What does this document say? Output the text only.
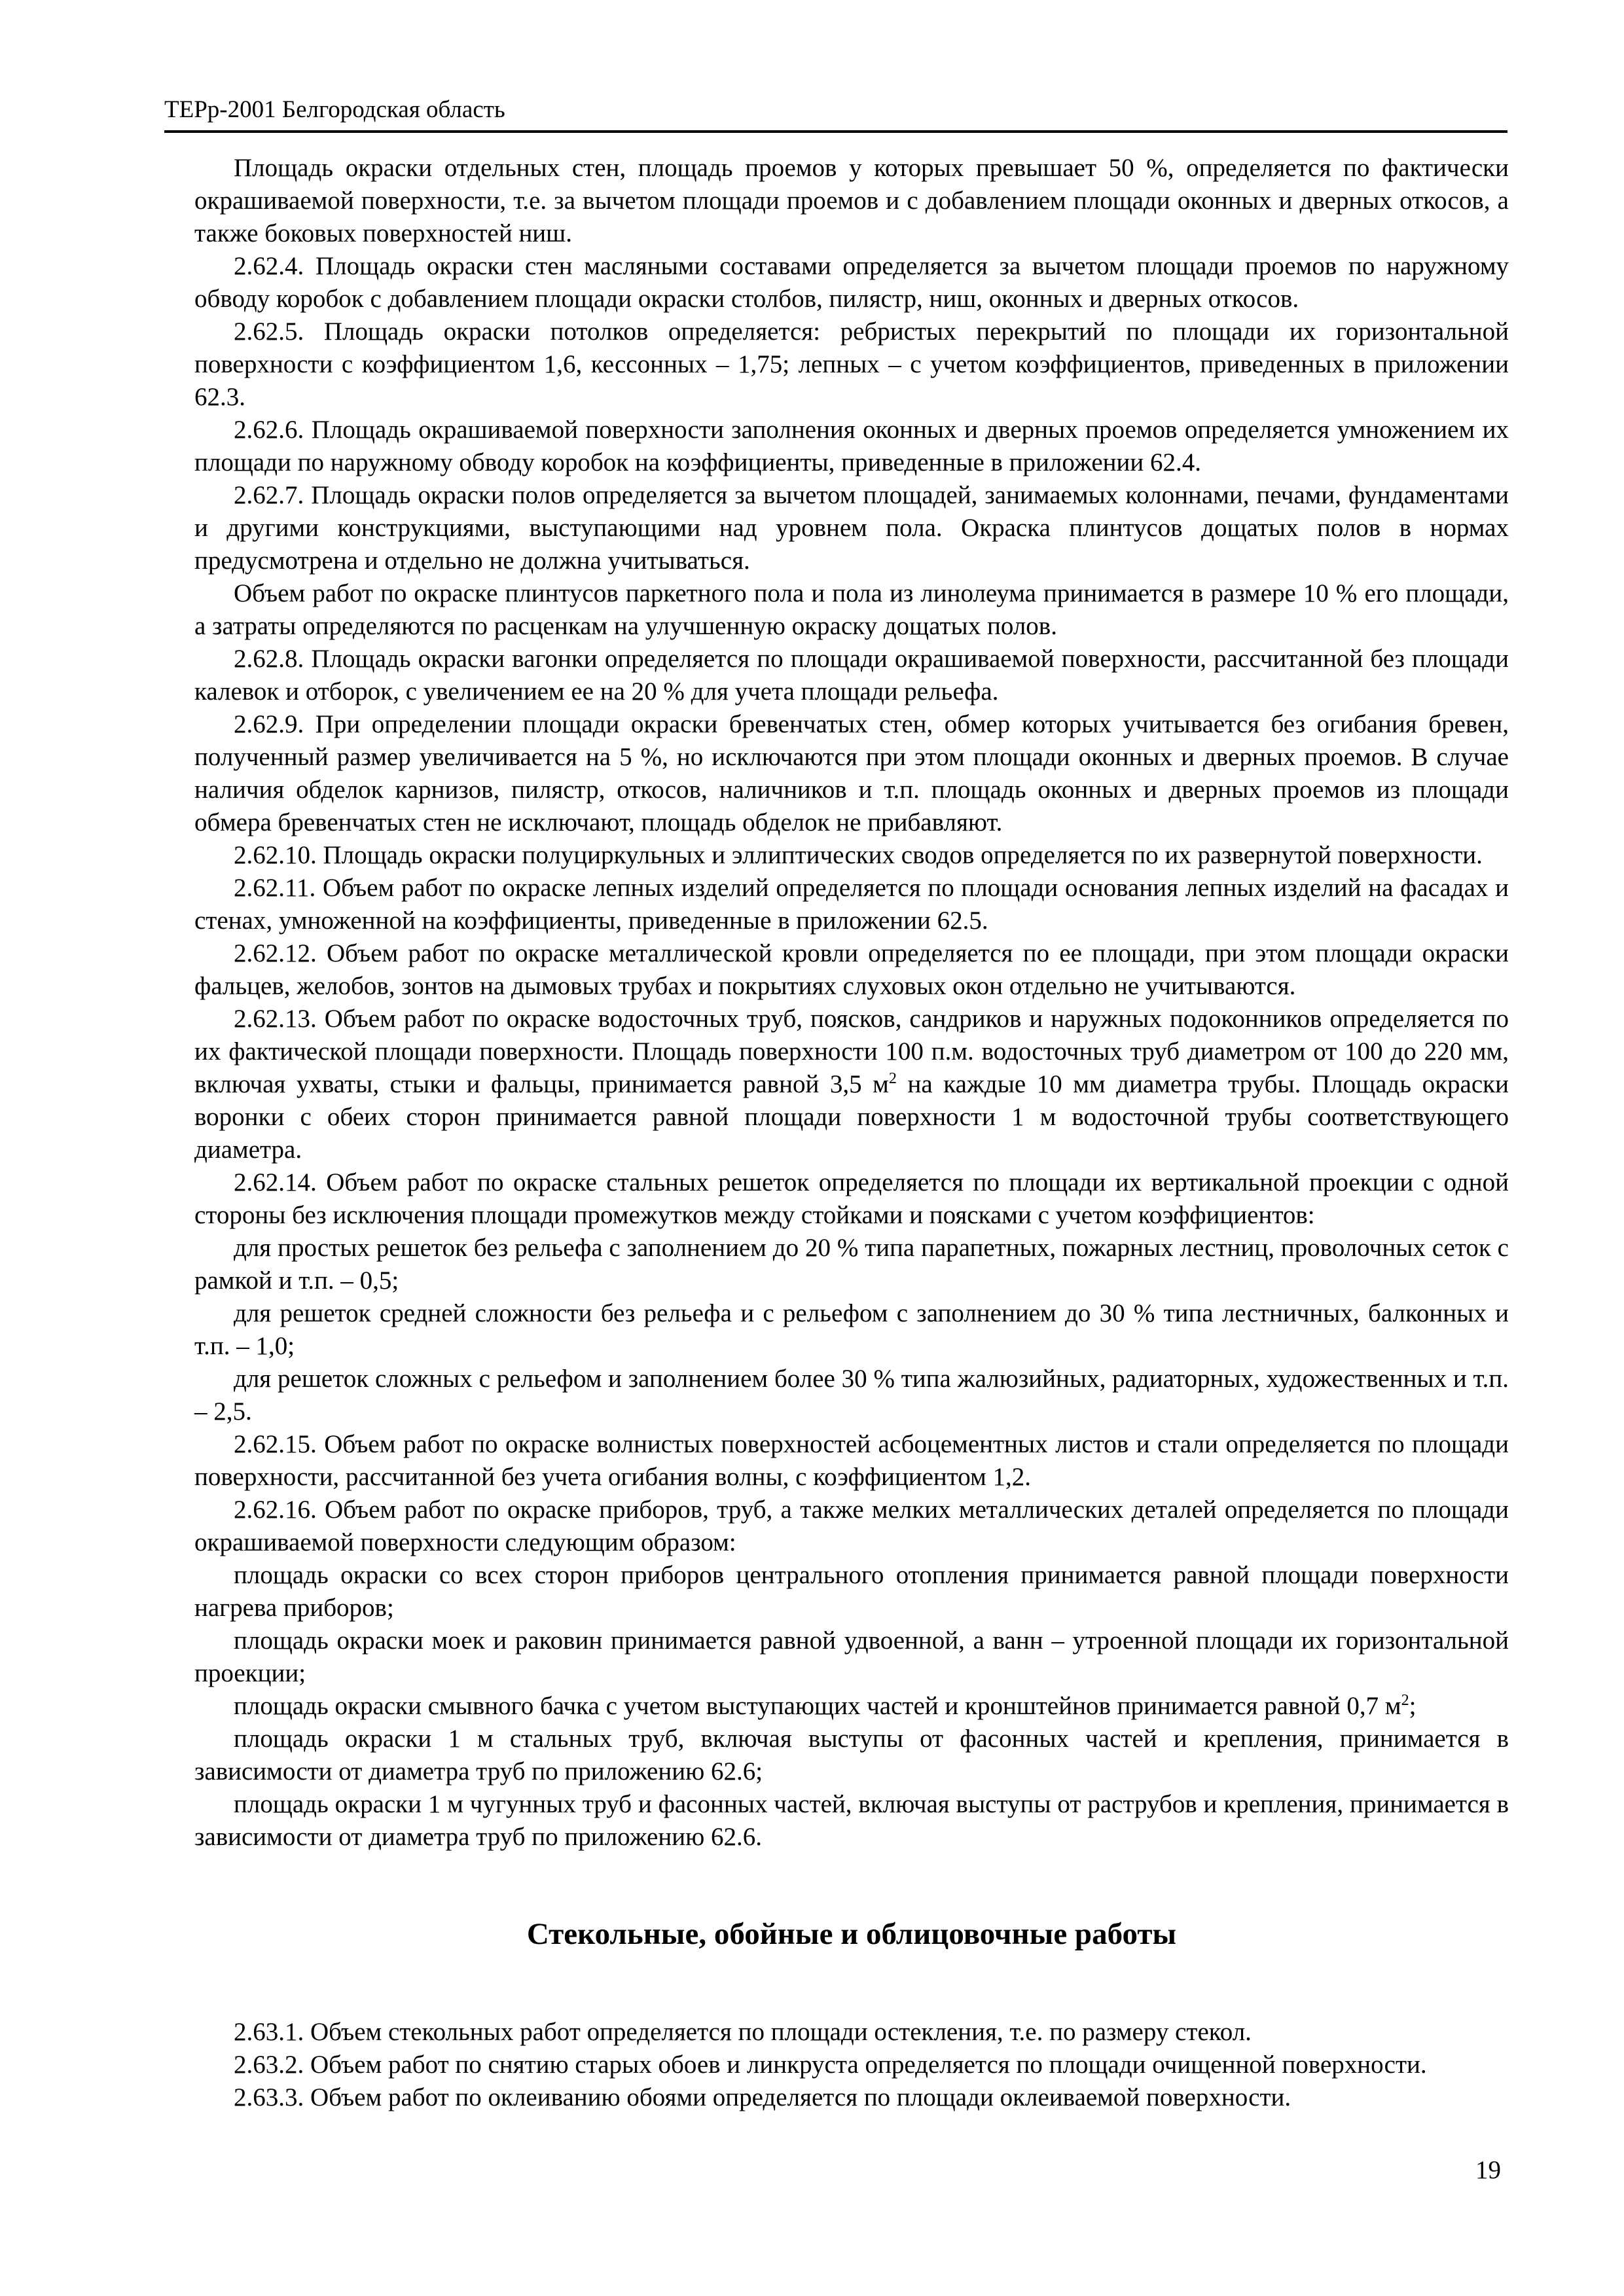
ТЕРр-2001 Белгородская область

Площадь окраски отдельных стен, площадь проемов у которых превышает 50 %, определяется по фактически окрашиваемой поверхности, т.е. за вычетом площади проемов и с добавлением площади оконных и дверных откосов, а также боковых поверхностей ниш.

2.62.4. Площадь окраски стен масляными составами определяется за вычетом площади проемов по наружному обводу коробок с добавлением площади окраски столбов, пилястр, ниш, оконных и дверных откосов.

2.62.5. Площадь окраски потолков определяется: ребристых перекрытий по площади их горизонтальной поверхности с коэффициентом 1,6, кессонных – 1,75; лепных – с учетом коэффициентов, приведенных в приложении 62.3.

2.62.6. Площадь окрашиваемой поверхности заполнения оконных и дверных проемов определяется умножением их площади по наружному обводу коробок на коэффициенты, приведенные в приложении 62.4.

2.62.7. Площадь окраски полов определяется за вычетом площадей, занимаемых колоннами, печами, фундаментами и другими конструкциями, выступающими над уровнем пола. Окраска плинтусов дощатых полов в нормах предусмотрена и отдельно не должна учитываться.

Объем работ по окраске плинтусов паркетного пола и пола из линолеума принимается в размере 10 % его площади, а затраты определяются по расценкам на улучшенную окраску дощатых полов.

2.62.8. Площадь окраски вагонки определяется по площади окрашиваемой поверхности, рассчитанной без площади калевок и отборок, с увеличением ее на 20 % для учета площади рельефа.

2.62.9. При определении площади окраски бревенчатых стен, обмер которых учитывается без огибания бревен, полученный размер увеличивается на 5 %, но исключаются при этом площади оконных и дверных проемов. В случае наличия обделок карнизов, пилястр, откосов, наличников и т.п. площадь оконных и дверных проемов из площади обмера бревенчатых стен не исключают, площадь обделок не прибавляют.

2.62.10. Площадь окраски полуциркульных и эллиптических сводов определяется по их развернутой поверхности.

2.62.11. Объем работ по окраске лепных изделий определяется по площади основания лепных изделий на фасадах и стенах, умноженной на коэффициенты, приведенные в приложении 62.5.

2.62.12. Объем работ по окраске металлической кровли определяется по ее площади, при этом площади окраски фальцев, желобов, зонтов на дымовых трубах и покрытиях слуховых окон отдельно не учитываются.

2.62.13. Объем работ по окраске водосточных труб, поясков, сандриков и наружных подоконников определяется по их фактической площади поверхности. Площадь поверхности 100 п.м. водосточных труб диаметром от 100 до 220 мм, включая ухваты, стыки и фальцы, принимается равной 3,5 $м^2$ на каждые 10 мм диаметра трубы. Площадь окраски воронки с обеих сторон принимается равной площади поверхности 1 м водосточной трубы соответствующего диаметра.

2.62.14. Объем работ по окраске стальных решеток определяется по площади их вертикальной проекции с одной стороны без исключения площади промежутков между стойками и поясками с учетом коэффициентов:

для простых решеток без рельефа с заполнением до 20 % типа парапетных, пожарных лестниц, проволочных сеток с рамкой и т.п. – 0,5;

для решеток средней сложности без рельефа и с рельефом с заполнением до 30 % типа лестничных, балконных и т.п. – 1,0;

для решеток сложных с рельефом и заполнением более 30 % типа жалюзийных, радиаторных, художественных и т.п. – 2,5.

2.62.15. Объем работ по окраске волнистых поверхностей асбоцементных листов и стали определяется по площади поверхности, рассчитанной без учета огибания волны, с коэффициентом 1,2.

2.62.16. Объем работ по окраске приборов, труб, а также мелких металлических деталей определяется по площади окрашиваемой поверхности следующим образом:

площадь окраски со всех сторон приборов центрального отопления принимается равной площади поверхности нагрева приборов;

площадь окраски моек и раковин принимается равной удвоенной, а ванн – утроенной площади их горизонтальной проекции;

площадь окраски смывного бачка с учетом выступающих частей и кронштейнов принимается равной 0,7 $м^2$;

площадь окраски 1 м стальных труб, включая выступы от фасонных частей и крепления, принимается в зависимости от диаметра труб по приложению 62.6;

площадь окраски 1 м чугунных труб и фасонных частей, включая выступы от раструбов и крепления, принимается в зависимости от диаметра труб по приложению 62.6.

Стекольные, обойные и облицовочные работы

2.63.1. Объем стекольных работ определяется по площади остекления, т.е. по размеру стекол.

2.63.2. Объем работ по снятию старых обоев и линкруста определяется по площади очищенной поверхности.

2.63.3. Объем работ по оклеиванию обоями определяется по площади оклеиваемой поверхности.

19
